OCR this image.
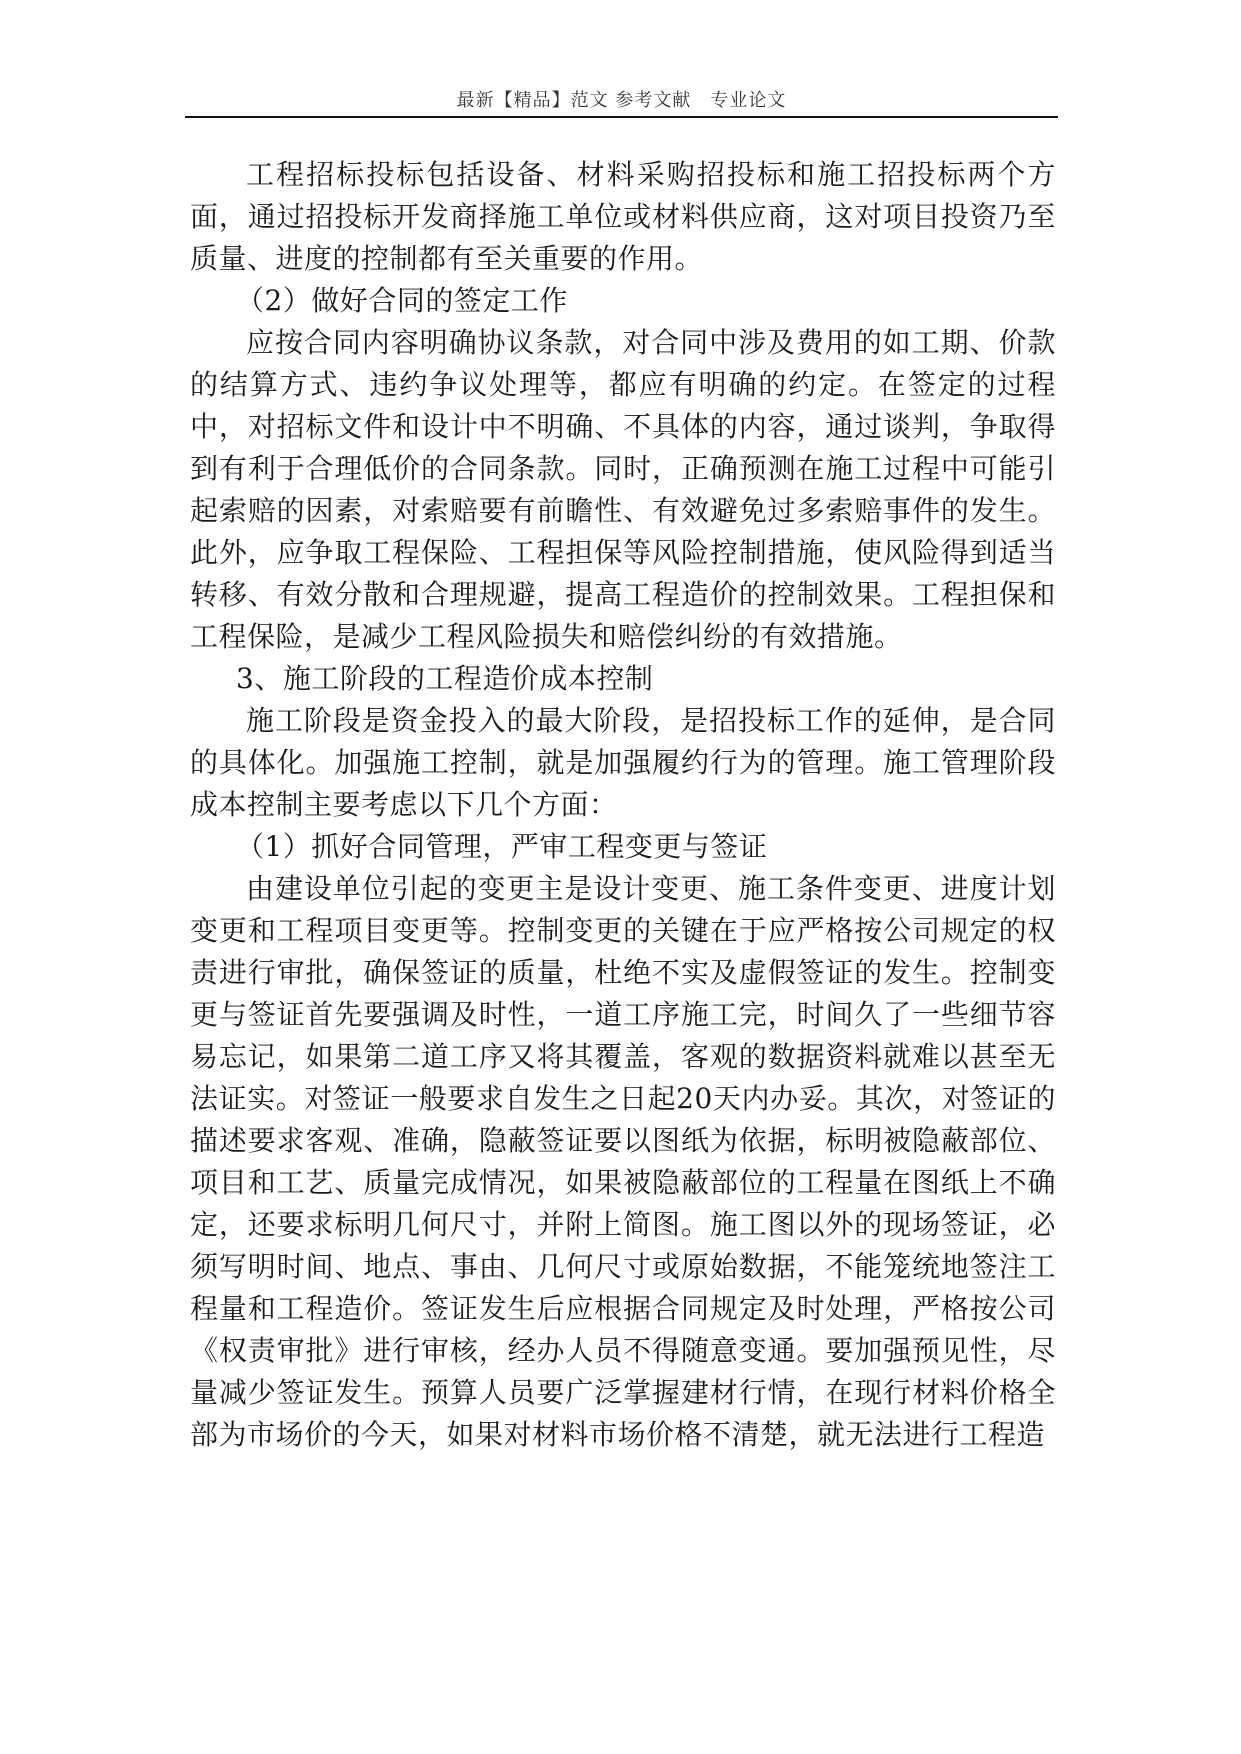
最新【精品】范文 参考文献　专业论文

工程招标投标包括设备、材料采购招投标和施工招投标两个方面，通过招投标开发商择施工单位或材料供应商，这对项目投资乃至质量、进度的控制都有至关重要的作用。

（2）做好合同的签定工作

应按合同内容明确协议条款，对合同中涉及费用的如工期、价款的结算方式、违约争议处理等，都应有明确的约定。在签定的过程中，对招标文件和设计中不明确、不具体的内容，通过谈判，争取得到有利于合理低价的合同条款。同时，正确预测在施工过程中可能引起索赔的因素，对索赔要有前瞻性、有效避免过多索赔事件的发生。此外，应争取工程保险、工程担保等风险控制措施，使风险得到适当转移、有效分散和合理规避，提高工程造价的控制效果。工程担保和工程保险，是减少工程风险损失和赔偿纠纷的有效措施。

3、施工阶段的工程造价成本控制

施工阶段是资金投入的最大阶段，是招投标工作的延伸，是合同的具体化。加强施工控制，就是加强履约行为的管理。施工管理阶段成本控制主要考虑以下几个方面：

（1）抓好合同管理，严审工程变更与签证

由建设单位引起的变更主是设计变更、施工条件变更、进度计划变更和工程项目变更等。控制变更的关键在于应严格按公司规定的权责进行审批，确保签证的质量，杜绝不实及虚假签证的发生。控制变更与签证首先要强调及时性，一道工序施工完，时间久了一些细节容易忘记，如果第二道工序又将其覆盖，客观的数据资料就难以甚至无法证实。对签证一般要求自发生之日起20天内办妥。其次，对签证的描述要求客观、准确，隐蔽签证要以图纸为依据，标明被隐蔽部位、项目和工艺、质量完成情况，如果被隐蔽部位的工程量在图纸上不确定，还要求标明几何尺寸，并附上简图。施工图以外的现场签证，必须写明时间、地点、事由、几何尺寸或原始数据，不能笼统地签注工程量和工程造价。签证发生后应根据合同规定及时处理，严格按公司《权责审批》进行审核，经办人员不得随意变通。要加强预见性，尽量减少签证发生。预算人员要广泛掌握建材行情，在现行材料价格全部为市场价的今天，如果对材料市场价格不清楚，就无法进行工程造
